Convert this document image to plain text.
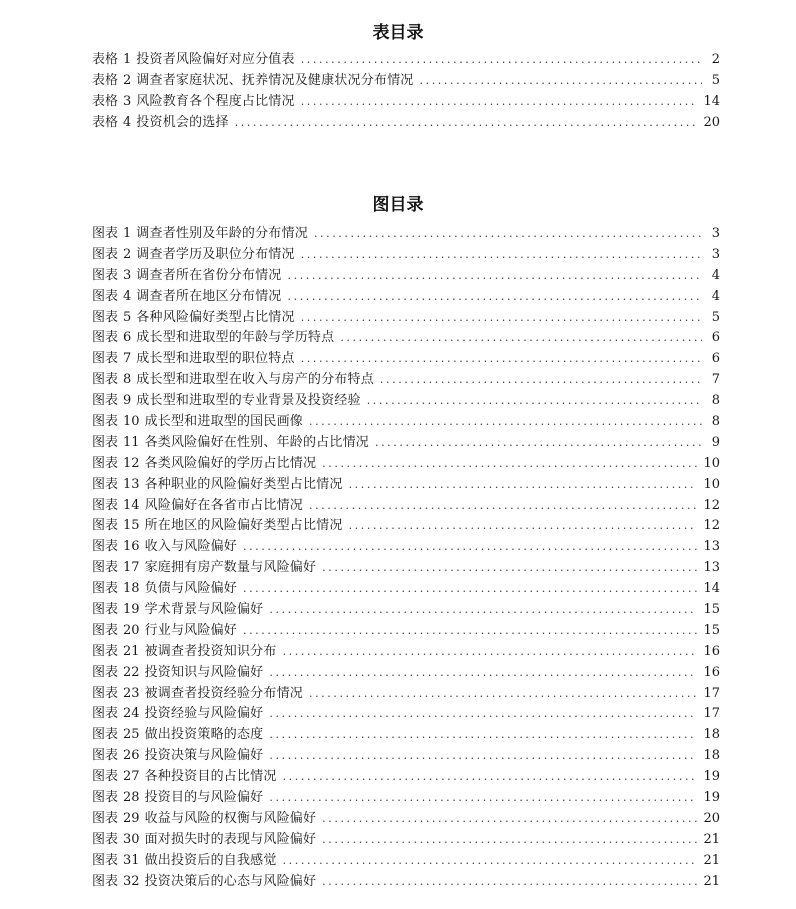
表目录
表格 1 投资者风险偏好对应分值表 .....	2
表格 2 调查者家庭状况、抚养情况及健康状况分布情况 .....	5
表格 3 风险教育各个程度占比情况 .....	14
表格 4 投资机会的选择 .....	20
图目录
图表 1 调查者性别及年龄的分布情况 .....	3
图表 2 调查者学历及职位分布情况 .....	3
图表 3 调查者所在省份分布情况 .....	4
图表 4 调查者所在地区分布情况 .....	4
图表 5 各种风险偏好类型占比情况 .....	5
图表 6 成长型和进取型的年龄与学历特点 .....	6
图表 7 成长型和进取型的职位特点 .....	6
图表 8 成长型和进取型在收入与房产的分布特点 .....	7
图表 9 成长型和进取型的专业背景及投资经验 .....	8
图表 10 成长型和进取型的国民画像 .....	8
图表 11 各类风险偏好在性别、年龄的占比情况 .....	9
图表 12 各类风险偏好的学历占比情况 .....	10
图表 13 各种职业的风险偏好类型占比情况 .....	10
图表 14 风险偏好在各省市占比情况 .....	12
图表 15 所在地区的风险偏好类型占比情况 .....	12
图表 16 收入与风险偏好 .....	13
图表 17 家庭拥有房产数量与风险偏好 .....	13
图表 18 负债与风险偏好 .....	14
图表 19 学术背景与风险偏好 .....	15
图表 20 行业与风险偏好 .....	15
图表 21 被调查者投资知识分布 .....	16
图表 22 投资知识与风险偏好 .....	16
图表 23 被调查者投资经验分布情况 .....	17
图表 24 投资经验与风险偏好 .....	17
图表 25 做出投资策略的态度 .....	18
图表 26 投资决策与风险偏好 .....	18
图表 27 各种投资目的占比情况 .....	19
图表 28 投资目的与风险偏好 .....	19
图表 29 收益与风险的权衡与风险偏好 .....	20
图表 30 面对损失时的表现与风险偏好 .....	21
图表 31 做出投资后的自我感觉 .....	21
图表 32 投资决策后的心态与风险偏好 .....	21
